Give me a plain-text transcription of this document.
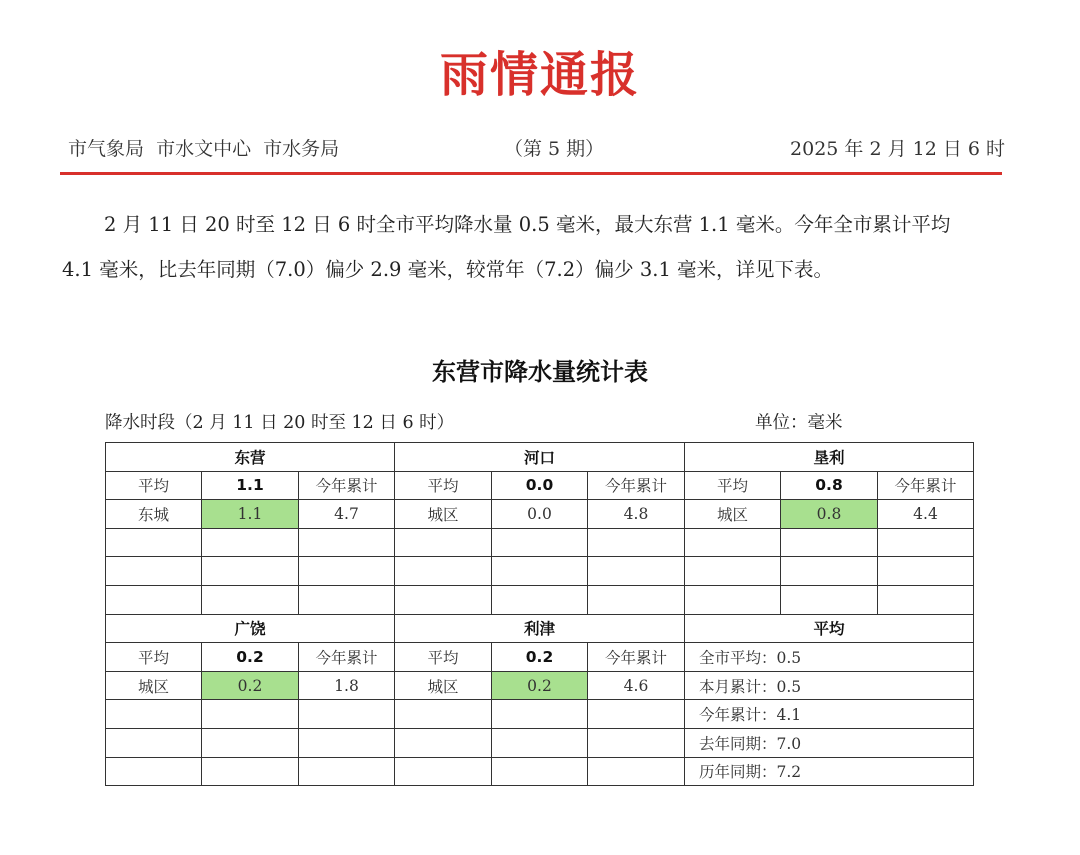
雨情通报
市气象局  市水文中心  市水务局	（第 5 期）	2025 年 2 月 12 日 6 时
2 月 11 日 20 时至 12 日 6 时全市平均降水量 0.5 毫米，最大东营 1.1 毫米。今年全市累计平均
4.1 毫米，比去年同期（7.0）偏少 2.9 毫米，较常年（7.2）偏少 3.1 毫米，详见下表。
东营市降水量统计表
降水时段（2 月 11 日 20 时至 12 日 6 时）	单位：毫米
东营			河口			垦利		
平均	1.1	今年累计	平均	0.0	今年累计	平均	0.8	今年累计
东城	1.1	4.7	城区	0.0	4.8	城区	0.8	4.4

广饶			利津			平均		
平均	0.2	今年累计	平均	0.2	今年累计	全市平均：0.5		
城区	0.2	1.8	城区	0.2	4.6	本月累计：0.5		
						今年累计：4.1		
						去年同期：7.0		
						历年同期：7.2		
